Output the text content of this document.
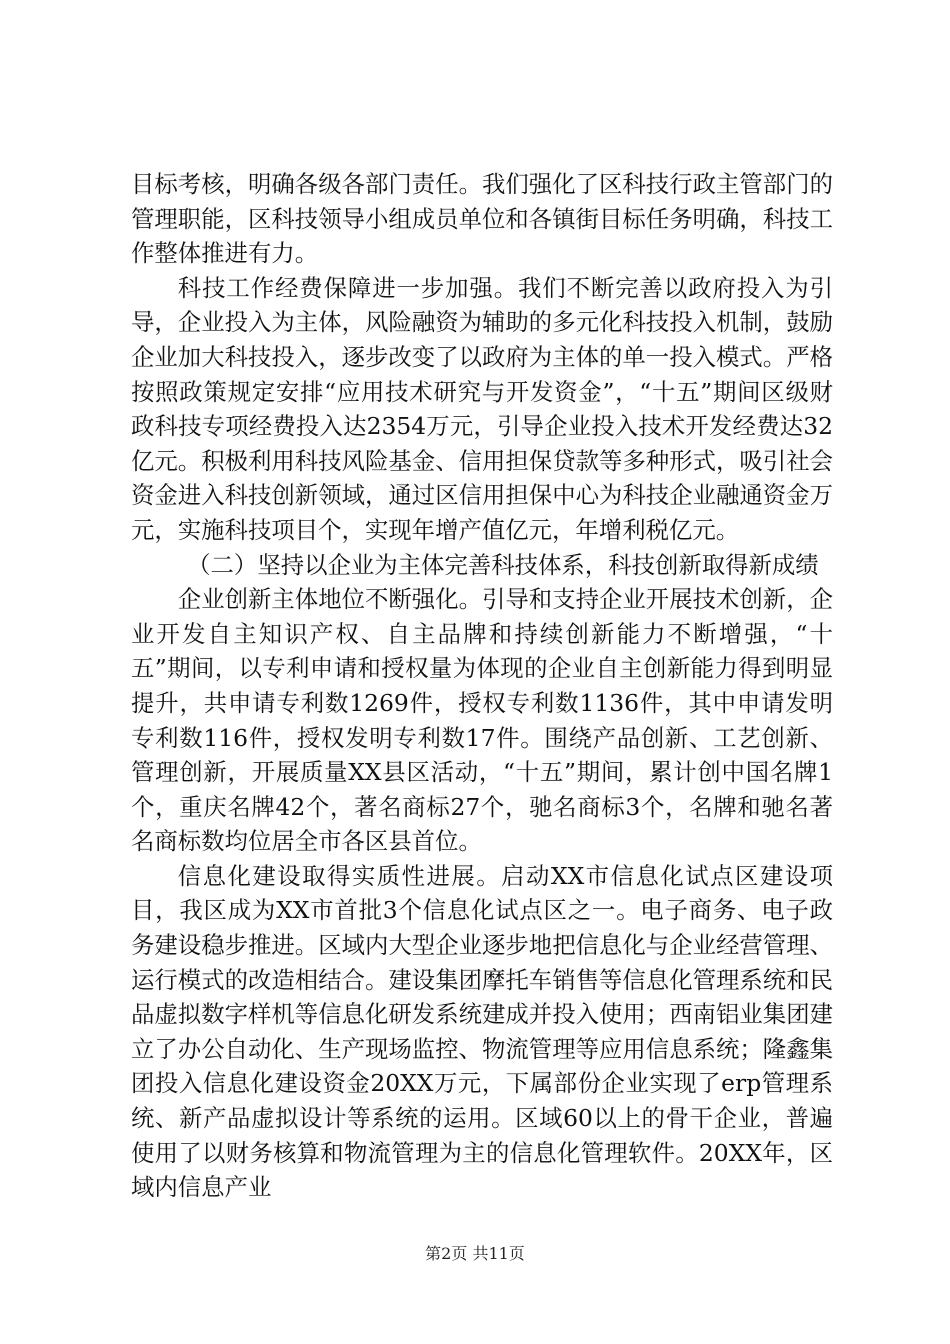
目标考核，明确各级各部门责任。我们强化了区科技行政主管部门的管理职能，区科技领导小组成员单位和各镇街目标任务明确，科技工作整体推进有力。

科技工作经费保障进一步加强。我们不断完善以政府投入为引导，企业投入为主体，风险融资为辅助的多元化科技投入机制，鼓励企业加大科技投入，逐步改变了以政府为主体的单一投入模式。严格按照政策规定安排“应用技术研究与开发资金”，“十五”期间区级财政科技专项经费投入达2354万元，引导企业投入技术开发经费达32亿元。积极利用科技风险基金、信用担保贷款等多种形式，吸引社会资金进入科技创新领域，通过区信用担保中心为科技企业融通资金万元，实施科技项目个，实现年增产值亿元，年增利税亿元。

（二）坚持以企业为主体完善科技体系，科技创新取得新成绩

企业创新主体地位不断强化。引导和支持企业开展技术创新，企业开发自主知识产权、自主品牌和持续创新能力不断增强，“十五”期间，以专利申请和授权量为体现的企业自主创新能力得到明显提升，共申请专利数1269件，授权专利数1136件，其中申请发明专利数116件，授权发明专利数17件。围绕产品创新、工艺创新、管理创新，开展质量XX县区活动，“十五”期间，累计创中国名牌1个，重庆名牌42个，著名商标27个，驰名商标3个，名牌和驰名著名商标数均位居全市各区县首位。

信息化建设取得实质性进展。启动XX市信息化试点区建设项目，我区成为XX市首批3个信息化试点区之一。电子商务、电子政务建设稳步推进。区域内大型企业逐步地把信息化与企业经营管理、运行模式的改造相结合。建设集团摩托车销售等信息化管理系统和民品虚拟数字样机等信息化研发系统建成并投入使用；西南铝业集团建立了办公自动化、生产现场监控、物流管理等应用信息系统；隆鑫集团投入信息化建设资金20XX万元，下属部份企业实现了erp管理系统、新产品虚拟设计等系统的运用。区域60以上的骨干企业，普遍使用了以财务核算和物流管理为主的信息化管理软件。20XX年，区域内信息产业

第2页 共11页
